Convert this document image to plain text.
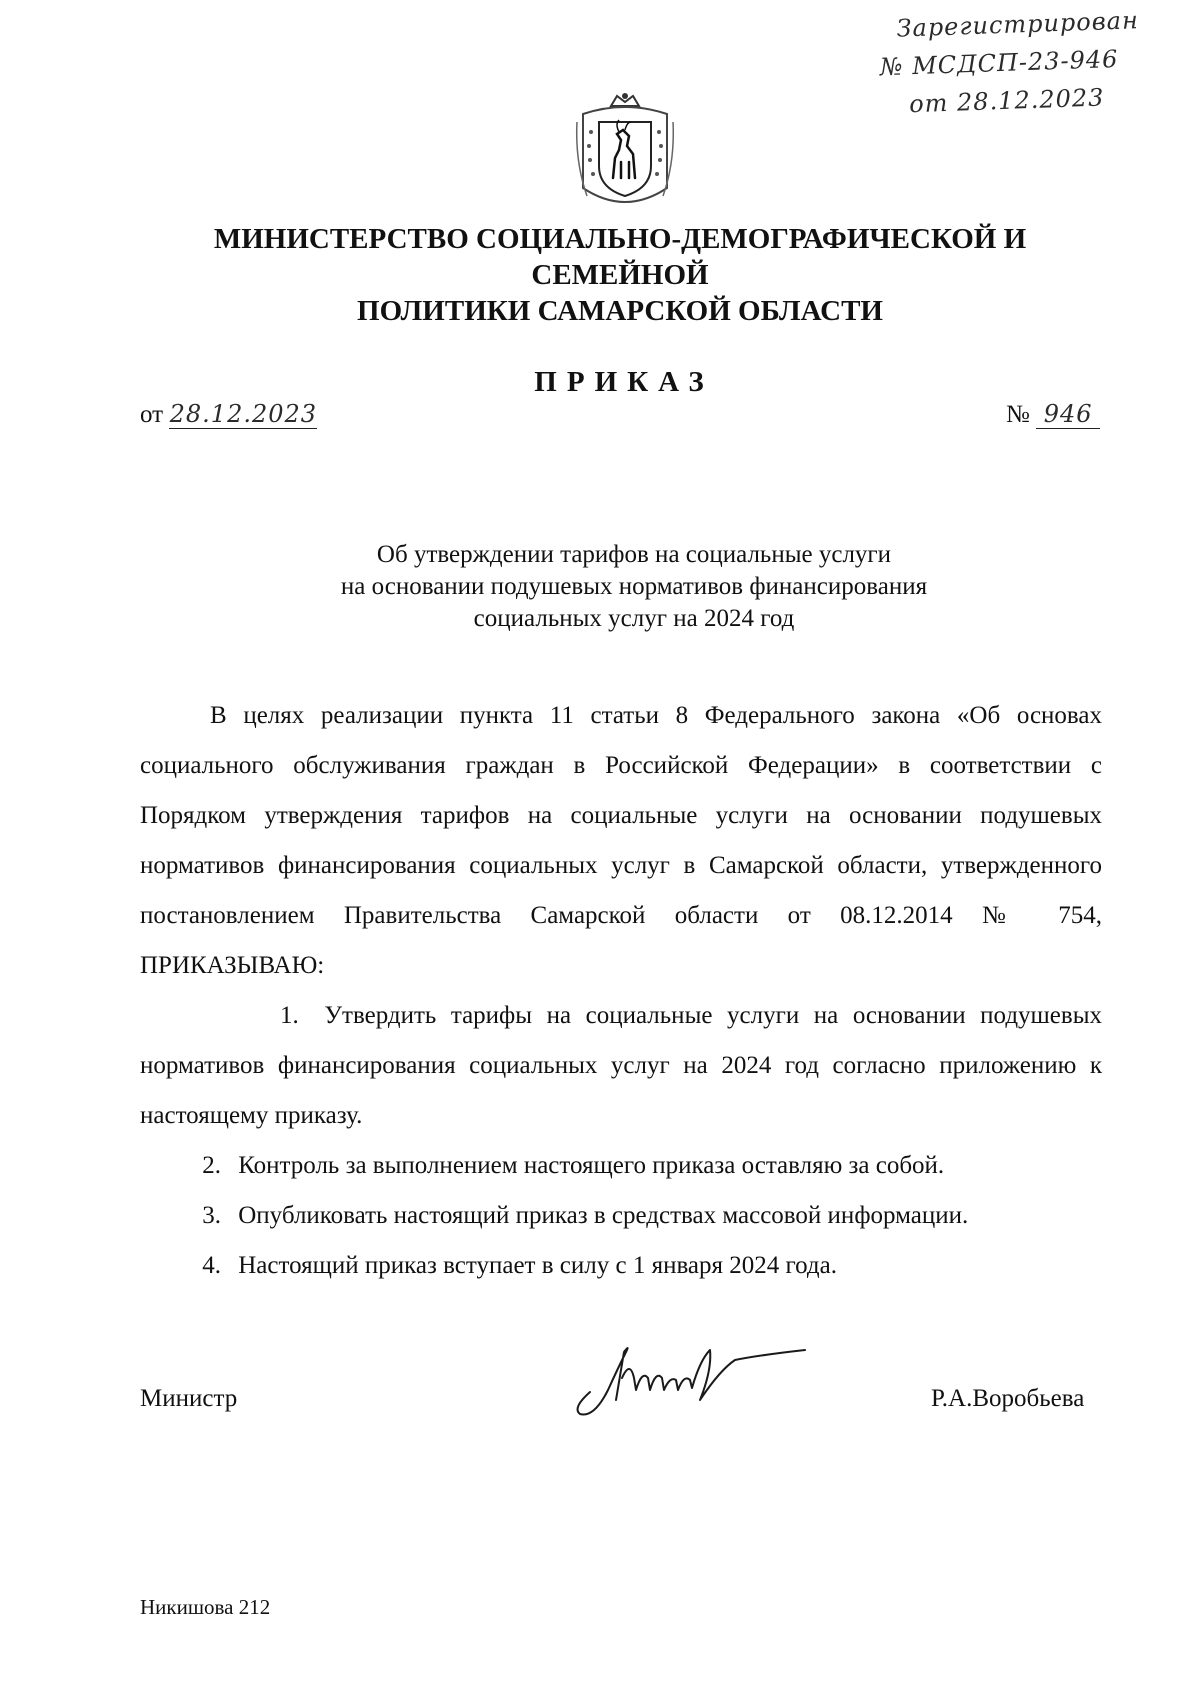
Зарегистрирован
№ МСДСП-23-946
от 28.12.2023
МИНИСТЕРСТВО СОЦИАЛЬНО-ДЕМОГРАФИЧЕСКОЙ И СЕМЕЙНОЙ
ПОЛИТИКИ САМАРСКОЙ ОБЛАСТИ
ПРИКАЗ
от 28.12.2023	№ 946
Об утверждении тарифов на социальные услуги
на основании подушевых нормативов финансирования
социальных услуг на 2024 год

В целях реализации пункта 11 статьи 8 Федерального закона «Об основах социального обслуживания граждан в Российской Федерации» в соответствии с Порядком утверждения тарифов на социальные услуги на основании подушевых нормативов финансирования социальных услуг в Самарской области, утвержденного постановлением Правительства Самарской области от 08.12.2014 № 754, ПРИКАЗЫВАЮ:

1. Утвердить тарифы на социальные услуги на основании подушевых нормативов финансирования социальных услуг на 2024 год согласно приложению к настоящему приказу.

2. Контроль за выполнением настоящего приказа оставляю за собой.

3. Опубликовать настоящий приказ в средствах массовой информации.

4. Настоящий приказ вступает в силу с 1 января 2024 года.

Министр	Р.А.Воробьева
Никишова 212
